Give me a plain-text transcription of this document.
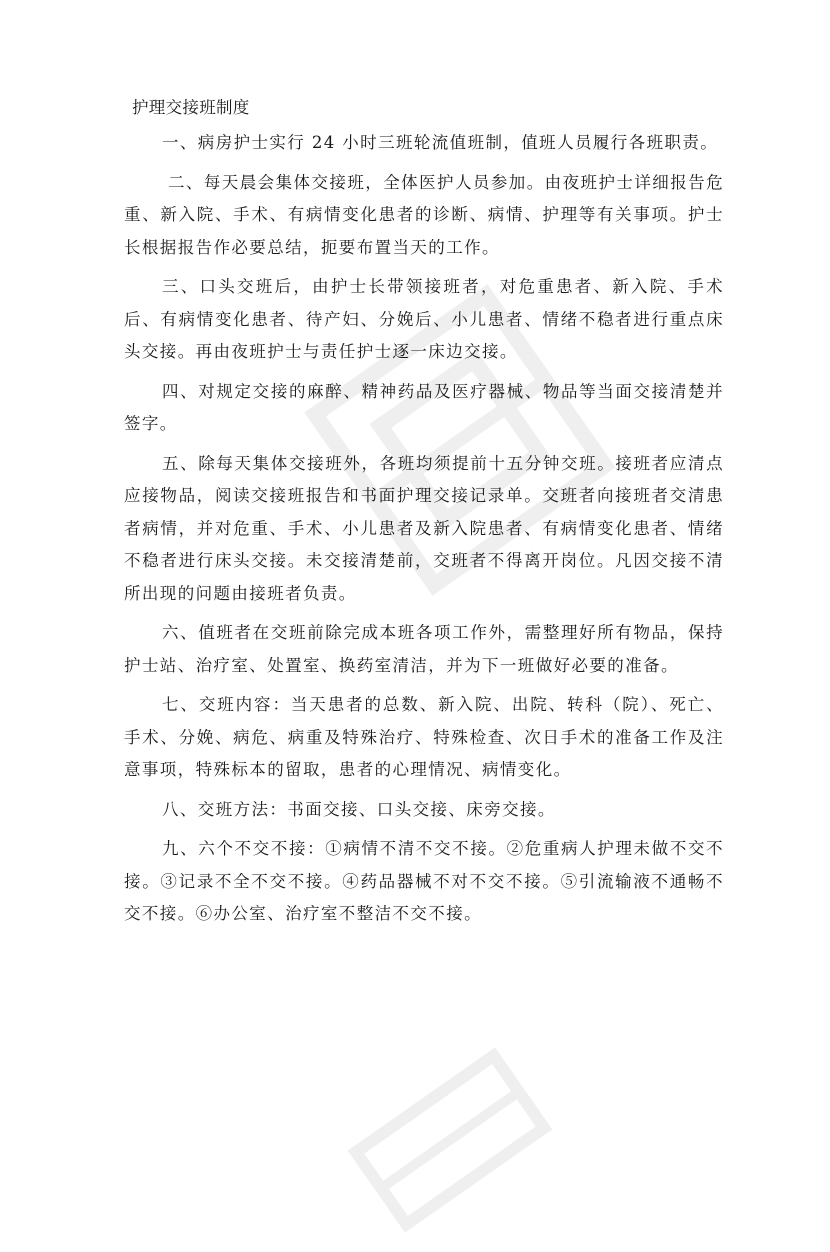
护理交接班制度

一、病房护士实行 24 小时三班轮流值班制，值班人员履行各班职责。

二、每天晨会集体交接班，全体医护人员参加。由夜班护士详细报告危重、新入院、手术、有病情变化患者的诊断、病情、护理等有关事项。护士长根据报告作必要总结，扼要布置当天的工作。

三、口头交班后，由护士长带领接班者，对危重患者、新入院、手术后、有病情变化患者、待产妇、分娩后、小儿患者、情绪不稳者进行重点床头交接。再由夜班护士与责任护士逐一床边交接。

四、对规定交接的麻醉、精神药品及医疗器械、物品等当面交接清楚并签字。

五、除每天集体交接班外，各班均须提前十五分钟交班。接班者应清点应接物品，阅读交接班报告和书面护理交接记录单。交班者向接班者交清患者病情，并对危重、手术、小儿患者及新入院患者、有病情变化患者、情绪不稳者进行床头交接。未交接清楚前，交班者不得离开岗位。凡因交接不清所出现的问题由接班者负责。

六、值班者在交班前除完成本班各项工作外，需整理好所有物品，保持护士站、治疗室、处置室、换药室清洁，并为下一班做好必要的准备。

七、交班内容：当天患者的总数、新入院、出院、转科（院）、死亡、手术、分娩、病危、病重及特殊治疗、特殊检查、次日手术的准备工作及注意事项，特殊标本的留取，患者的心理情况、病情变化。

八、交班方法：书面交接、口头交接、床旁交接。

九、六个不交不接：①病情不清不交不接。②危重病人护理未做不交不接。③记录不全不交不接。④药品器械不对不交不接。⑤引流输液不通畅不交不接。⑥办公室、治疗室不整洁不交不接。
